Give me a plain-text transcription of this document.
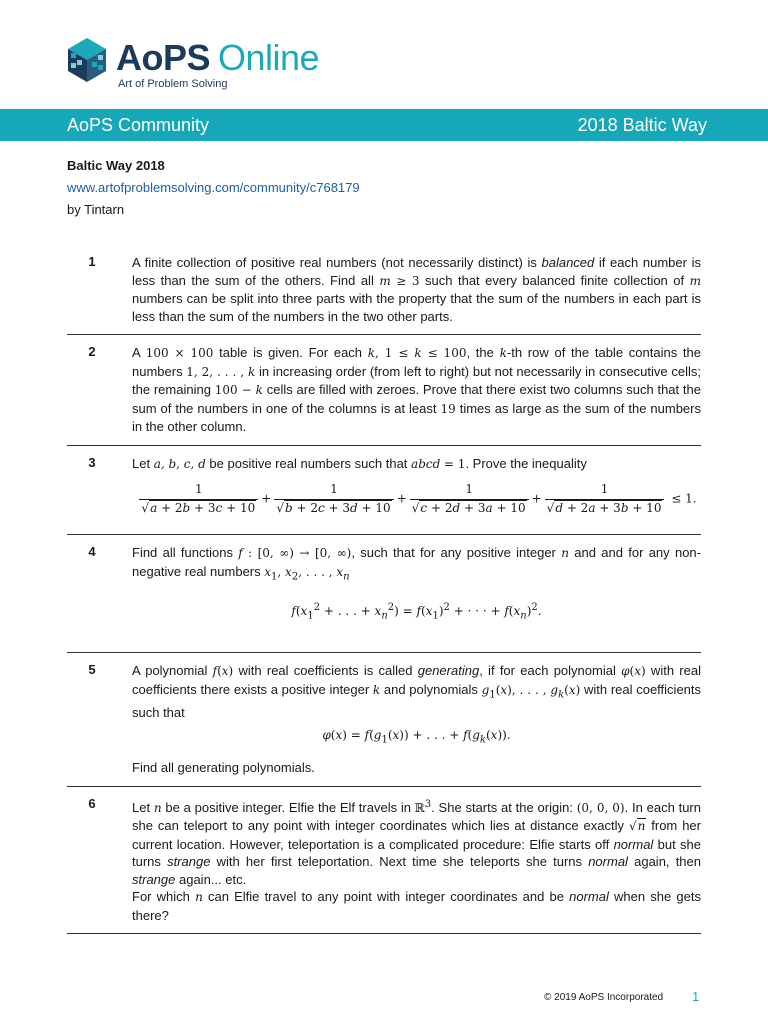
AoPS Online
Art of Problem Solving
AoPS Community	2018 Baltic Way
Baltic Way 2018
www.artofproblemsolving.com/community/c768179
by Tintarn
1	A finite collection of positive real numbers (not necessarily distinct) is balanced if each number is less than the sum of the others. Find all m ≥ 3 such that every balanced finite collection of m numbers can be split into three parts with the property that the sum of the numbers in each part is less than the sum of the numbers in the two other parts.
2	A 100 × 100 table is given. For each k, 1 ≤ k ≤ 100, the k-th row of the table contains the numbers 1, 2, . . . , k in increasing order (from left to right) but not necessarily in consecutive cells; the remaining 100 − k cells are filled with zeroes. Prove that there exist two columns such that the sum of the numbers in one of the columns is at least 19 times as large as the sum of the numbers in the other column.
3	Let a, b, c, d be positive real numbers such that abcd = 1. Prove the inequality
$\frac{1}{√a + 2b + 3c + 10} + \frac{1}{√b + 2c + 3d + 10} + \frac{1}{√c + 2d + 3a + 10} + \frac{1}{√d + 2a + 3b + 10} \le 1$.
4	Find all functions f : [0, ∞) → [0, ∞), such that for any positive integer n and and for any non-negative real numbers $x_1$, $x_2$, . . . , $x_n$
$f(x_1^2$ + . . . + $x_n^2) = f(x_1)^2$ + · · · + $f(x_n)^2$.
5	A polynomial f(x) with real coefficients is called generating, if for each polynomial φ(x) with real coefficients there exists a positive integer k and polynomials $g_1(x)$, . . . , $g_k(x)$ with real coefficients such that
$\varphi(x) = f(g_1(x))$ + . . . + $f(g_k(x))$.
Find all generating polynomials.
6	Let n be a positive integer. Elfie the Elf travels in ℝ$^3$. She starts at the origin: (0, 0, 0). In each turn she can teleport to any point with integer coordinates which lies at distance exactly √n from her current location. However, teleportation is a complicated procedure: Elfie starts off normal but she turns strange with her first teleportation. Next time she teleports she turns normal again, then strange again... etc.
For which n can Elfie travel to any point with integer coordinates and be normal when she gets there?
© 2019 AoPS Incorporated 1
